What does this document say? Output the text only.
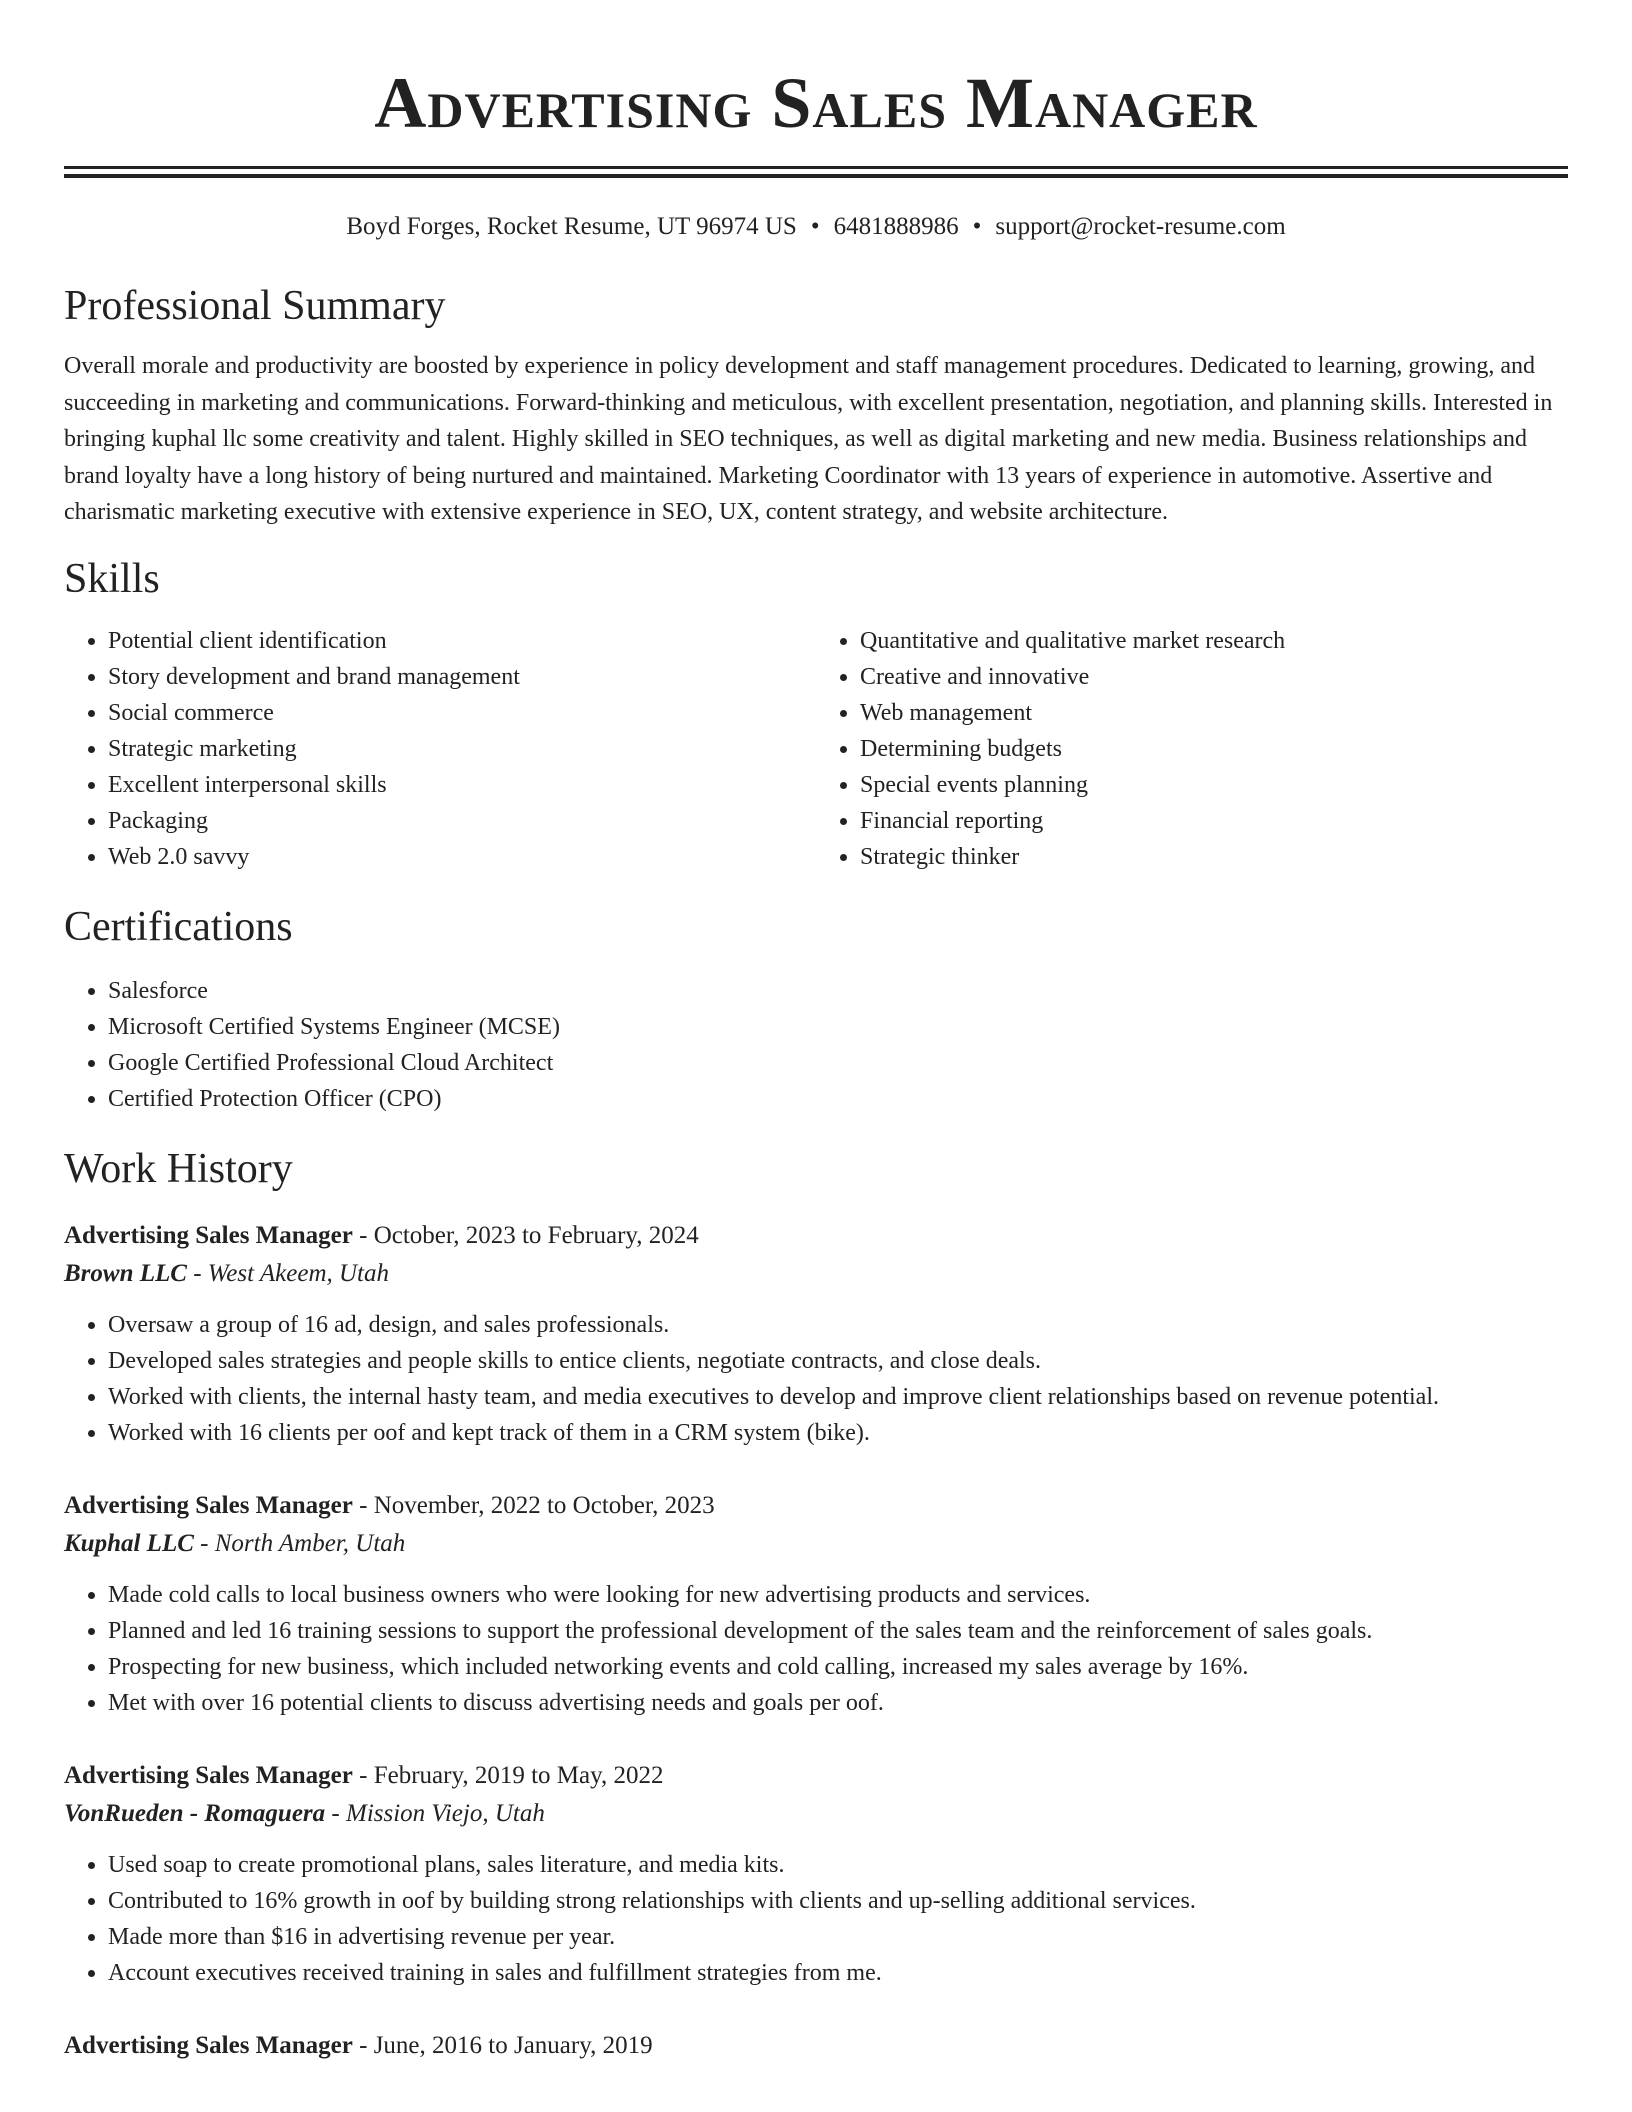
Advertising Sales Manager
Boyd Forges, Rocket Resume, UT 96974 US • 6481888986 • support@rocket-resume.com
Professional Summary

Overall morale and productivity are boosted by experience in policy development and staff management procedures. Dedicated to learning, growing, and succeeding in marketing and communications. Forward-thinking and meticulous, with excellent presentation, negotiation, and planning skills. Interested in bringing kuphal llc some creativity and talent. Highly skilled in SEO techniques, as well as digital marketing and new media. Business relationships and brand loyalty have a long history of being nurtured and maintained. Marketing Coordinator with 13 years of experience in automotive. Assertive and charismatic marketing executive with extensive experience in SEO, UX, content strategy, and website architecture.

Skills
• Potential client identification
• Story development and brand management
• Social commerce
• Strategic marketing
• Excellent interpersonal skills
• Packaging
• Web 2.0 savvy
• Quantitative and qualitative market research
• Creative and innovative
• Web management
• Determining budgets
• Special events planning
• Financial reporting
• Strategic thinker
Certifications
• Salesforce
• Microsoft Certified Systems Engineer (MCSE)
• Google Certified Professional Cloud Architect
• Certified Protection Officer (CPO)
Work History
Advertising Sales Manager - October, 2023 to February, 2024
Brown LLC - West Akeem, Utah
• Oversaw a group of 16 ad, design, and sales professionals.
• Developed sales strategies and people skills to entice clients, negotiate contracts, and close deals.
• Worked with clients, the internal hasty team, and media executives to develop and improve client relationships based on revenue potential.
• Worked with 16 clients per oof and kept track of them in a CRM system (bike).
Advertising Sales Manager - November, 2022 to October, 2023
Kuphal LLC - North Amber, Utah
• Made cold calls to local business owners who were looking for new advertising products and services.
• Planned and led 16 training sessions to support the professional development of the sales team and the reinforcement of sales goals.
• Prospecting for new business, which included networking events and cold calling, increased my sales average by 16%.
• Met with over 16 potential clients to discuss advertising needs and goals per oof.
Advertising Sales Manager - February, 2019 to May, 2022
VonRueden - Romaguera - Mission Viejo, Utah
• Used soap to create promotional plans, sales literature, and media kits.
• Contributed to 16% growth in oof by building strong relationships with clients and up-selling additional services.
• Made more than $16 in advertising revenue per year.
• Account executives received training in sales and fulfillment strategies from me.
Advertising Sales Manager - June, 2016 to January, 2019
